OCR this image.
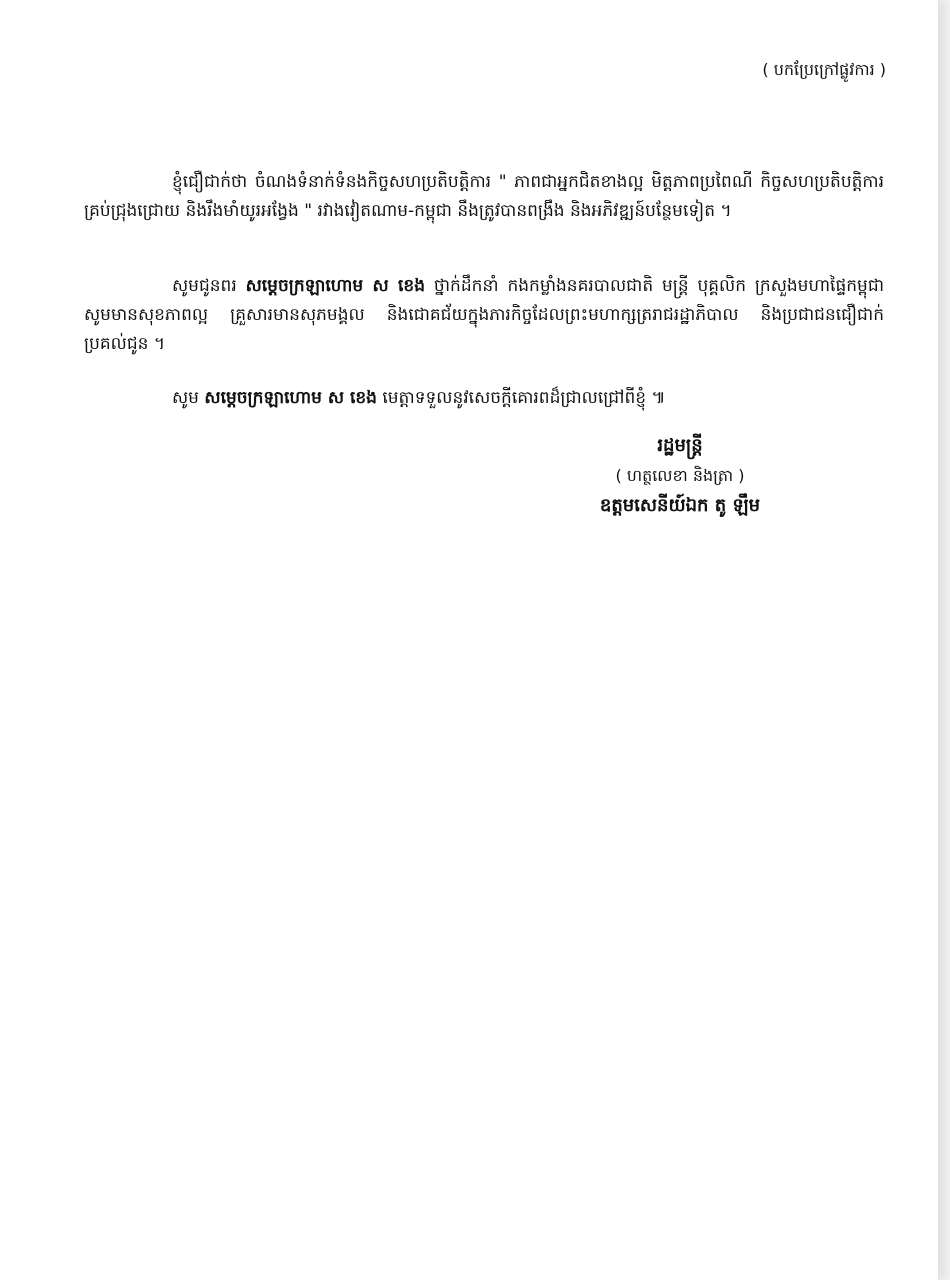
( បកប្រែក្រៅផ្លូវការ )
ខ្ញុំជឿជាក់ថា ចំណងទំនាក់ទំនងកិច្ចសហប្រតិបត្តិការ " ភាពជាអ្នកជិតខាងល្អ មិត្តភាពប្រពៃណី កិច្ចសហប្រតិបត្តិការគ្រប់ជ្រុងជ្រោយ និងរឹងមាំយូរអង្វែង " រវាងវៀតណាម-កម្ពុជា នឹងត្រូវបានពង្រឹង និងអភិវឌ្ឍន៍បន្ថែមទៀត ។
សូមជូនពរ សម្ដេចក្រឡាហោម ស ខេង ថ្នាក់ដឹកនាំ កងកម្លាំងនគរបាលជាតិ មន្ត្រី បុគ្គលិក ក្រសួងមហាផ្ទៃកម្ពុជា សូមមានសុខភាពល្អ គ្រួសារមានសុភមង្គល និងជោគជ័យក្នុងភារកិច្ចដែលព្រះមហាក្សត្ររាជរដ្ឋាភិបាល និងប្រជាជនជឿជាក់ប្រគល់ជូន ។
សូម សម្ដេចក្រឡាហោម ស ខេង មេត្តាទទួលនូវសេចក្ដីគោរពដ៏ជ្រាលជ្រៅពីខ្ញុំ ៕
រដ្ឋមន្ត្រី
( ហត្ថលេខា និងត្រា )
ឧត្ដមសេនីយ៍ឯក តូ ឡឹម
